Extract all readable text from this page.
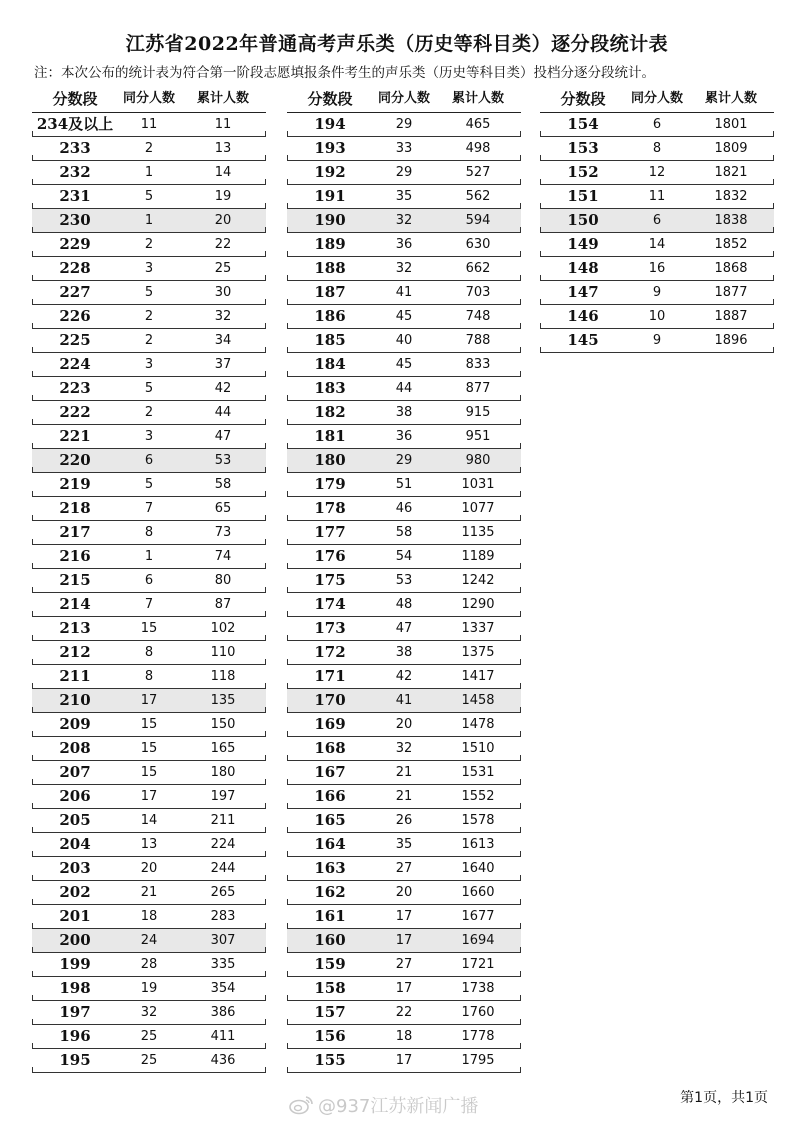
江苏省2022年普通高考声乐类（历史等科目类）逐分段统计表
注：本次公布的统计表为符合第一阶段志愿填报条件考生的声乐类（历史等科目类）投档分逐分段统计。
分数段	同分人数	累计人数
234及以上	11	11
233	2	13
232	1	14
231	5	19
230	1	20
229	2	22
228	3	25
227	5	30
226	2	32
225	2	34
224	3	37
223	5	42
222	2	44
221	3	47
220	6	53
219	5	58
218	7	65
217	8	73
216	1	74
215	6	80
214	7	87
213	15	102
212	8	110
211	8	118
210	17	135
209	15	150
208	15	165
207	15	180
206	17	197
205	14	211
204	13	224
203	20	244
202	21	265
201	18	283
200	24	307
199	28	335
198	19	354
197	32	386
196	25	411
195	25	436
分数段	同分人数	累计人数
194	29	465
193	33	498
192	29	527
191	35	562
190	32	594
189	36	630
188	32	662
187	41	703
186	45	748
185	40	788
184	45	833
183	44	877
182	38	915
181	36	951
180	29	980
179	51	1031
178	46	1077
177	58	1135
176	54	1189
175	53	1242
174	48	1290
173	47	1337
172	38	1375
171	42	1417
170	41	1458
169	20	1478
168	32	1510
167	21	1531
166	21	1552
165	26	1578
164	35	1613
163	27	1640
162	20	1660
161	17	1677
160	17	1694
159	27	1721
158	17	1738
157	22	1760
156	18	1778
155	17	1795
分数段	同分人数	累计人数
154	6	1801
153	8	1809
152	12	1821
151	11	1832
150	6	1838
149	14	1852
148	16	1868
147	9	1877
146	10	1887
145	9	1896
@937江苏新闻广播	第1页，共1页
